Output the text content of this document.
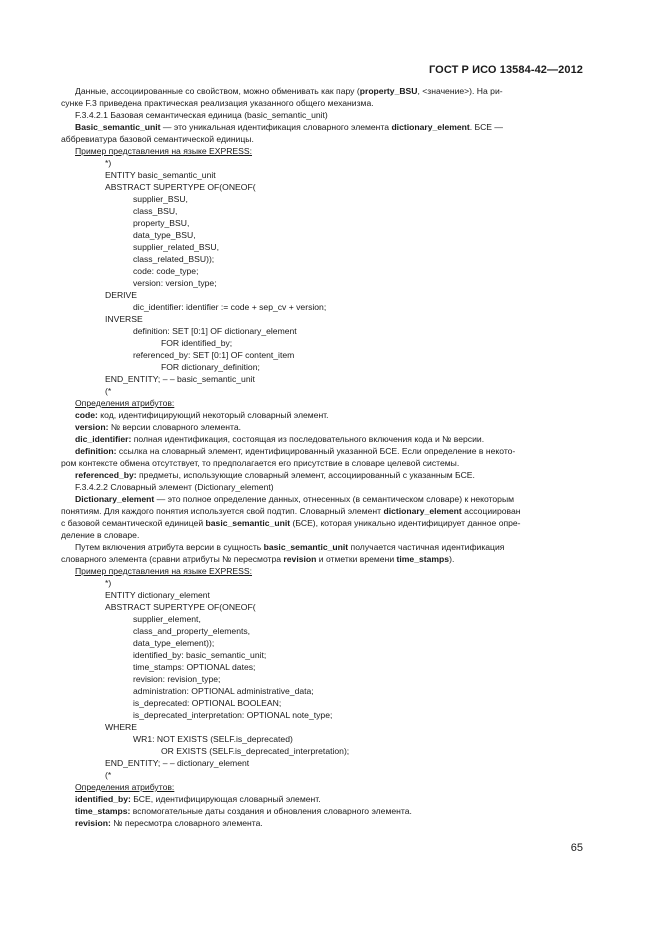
ГОСТ Р ИСО 13584-42—2012
Данные, ассоциированные со свойством, можно обменивать как пару (property_BSU, <значение>). На ри-
сунке F.3 приведена практическая реализация указанного общего механизма.
F.3.4.2.1 Базовая семантическая единица (basic_semantic_unit)
Basic_semantic_unit — это уникальная идентификация словарного элемента dictionary_element. БСЕ —
аббревиатура базовой семантической единицы.
Пример представления на языке EXPRESS:
*)
ENTITY basic_semantic_unit
ABSTRACT SUPERTYPE OF(ONEOF(
supplier_BSU,
class_BSU,
property_BSU,
data_type_BSU,
supplier_related_BSU,
class_related_BSU));
code: code_type;
version: version_type;
DERIVE
dic_identifier: identifier := code + sep_cv + version;
INVERSE
definition: SET [0:1] OF dictionary_element
FOR identified_by;
referenced_by: SET [0:1] OF content_item
FOR dictionary_definition;
END_ENTITY; – – basic_semantic_unit
(*
Определения атрибутов:
code: код, идентифицирующий некоторый словарный элемент.
version: № версии словарного элемента.
dic_identifier: полная идентификация, состоящая из последовательного включения кода и № версии.
definition: ссылка на словарный элемент, идентифицированный указанной БСЕ. Если определение в некото-
ром контексте обмена отсутствует, то предполагается его присутствие в словаре целевой системы.
referenced_by: предметы, использующие словарный элемент, ассоциированный с указанным БСЕ.
F.3.4.2.2 Словарный элемент (Dictionary_element)
Dictionary_element — это полное определение данных, отнесенных (в семантическом словаре) к некоторым
понятиям. Для каждого понятия используется свой подтип. Словарный элемент dictionary_element ассоциирован
с базовой семантической единицей basic_semantic_unit (БСЕ), которая уникально идентифицирует данное опре-
деление в словаре.
Путем включения атрибута версии в сущность basic_semantic_unit получается частичная идентификация
словарного элемента (сравни атрибуты № пересмотра revision и отметки времени time_stamps).
Пример представления на языке EXPRESS:
*)
ENTITY dictionary_element
ABSTRACT SUPERTYPE OF(ONEOF(
supplier_element,
class_and_property_elements,
data_type_element));
identified_by: basic_semantic_unit;
time_stamps: OPTIONAL dates;
revision: revision_type;
administration: OPTIONAL administrative_data;
is_deprecated: OPTIONAL BOOLEAN;
is_deprecated_interpretation: OPTIONAL note_type;
WHERE
WR1: NOT EXISTS (SELF.is_deprecated)
OR EXISTS (SELF.is_deprecated_interpretation);
END_ENTITY; – – dictionary_element
(*
Определения атрибутов:
identified_by: БСЕ, идентифицирующая словарный элемент.
time_stamps: вспомогательные даты создания и обновления словарного элемента.
revision: № пересмотра словарного элемента.
65
